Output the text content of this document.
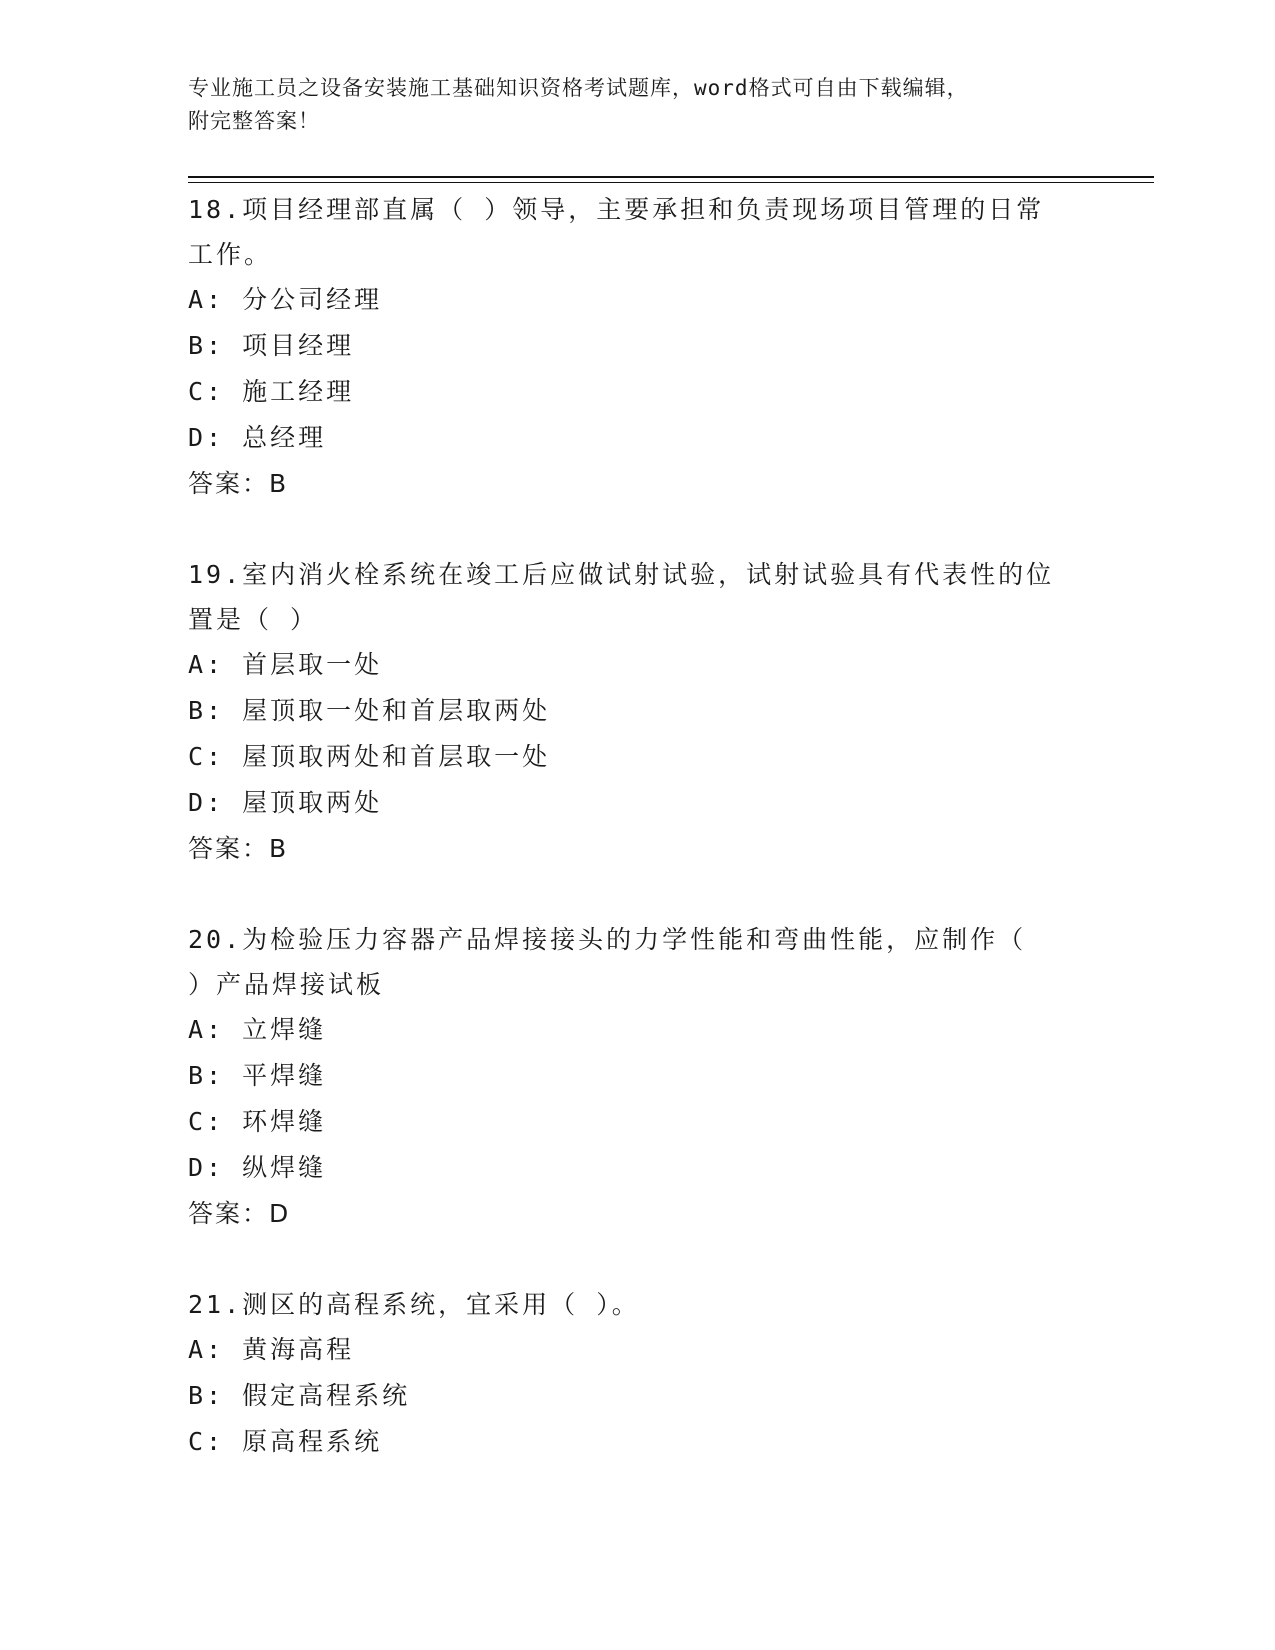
专业施工员之设备安装施工基础知识资格考试题库，word格式可自由下载编辑，
附完整答案！
18.项目经理部直属（ ）领导，主要承担和负责现场项目管理的日常
工作。
A: 分公司经理
B: 项目经理
C: 施工经理
D: 总经理
答案：B
19.室内消火栓系统在竣工后应做试射试验，试射试验具有代表性的位
置是（ ）
A: 首层取一处
B: 屋顶取一处和首层取两处
C: 屋顶取两处和首层取一处
D: 屋顶取两处
答案：B
20.为检验压力容器产品焊接接头的力学性能和弯曲性能，应制作（
）产品焊接试板
A: 立焊缝
B: 平焊缝
C: 环焊缝
D: 纵焊缝
答案：D
21.测区的高程系统，宜采用（ ）。
A: 黄海高程
B: 假定高程系统
C: 原高程系统
